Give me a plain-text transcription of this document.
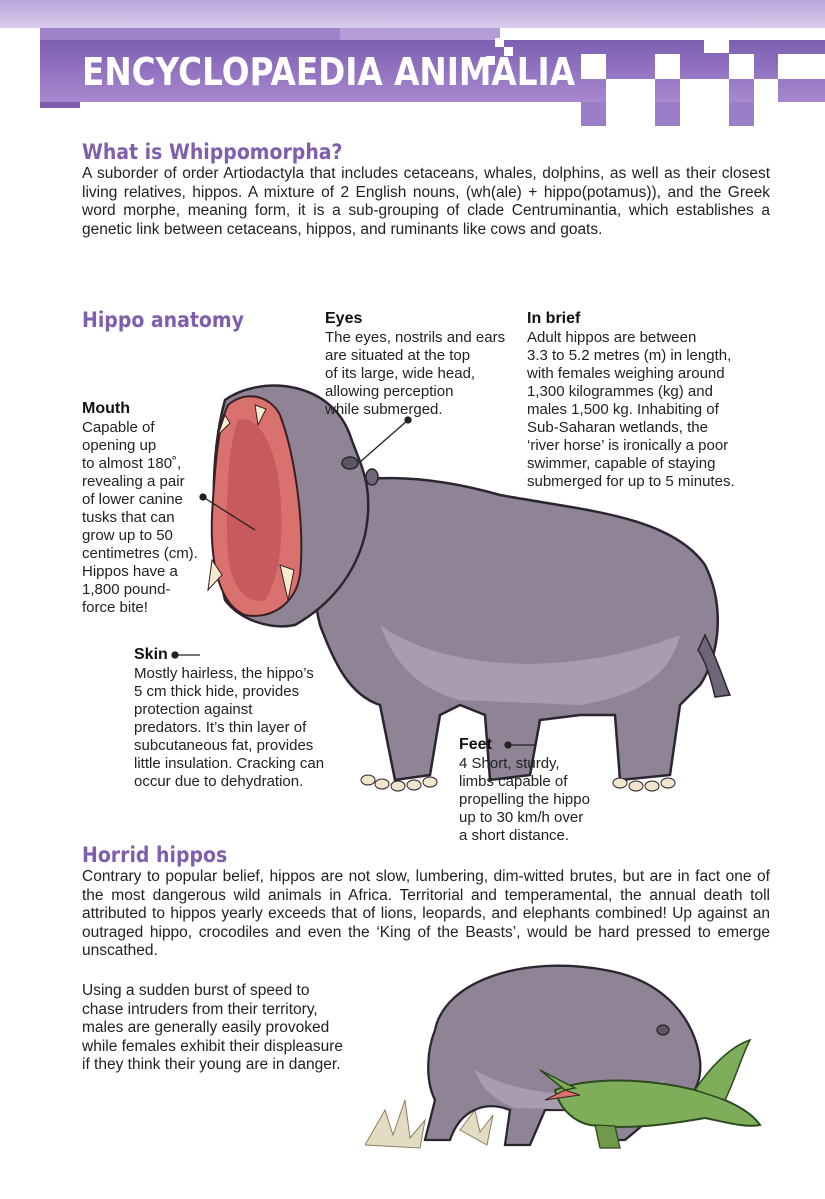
ENCYCLOPAEDIA ANIMALIA
What is Whippomorpha?

A suborder of order Artiodactyla that includes cetaceans, whales, dolphins, as well as their closest living relatives, hippos. A mixture of 2 English nouns, (wh(ale) + hippo(potamus)), and the Greek word morphe, meaning form, it is a sub-grouping of clade Centruminantia, which establishes a genetic link between cetaceans, hippos, and ruminants like cows and goats.

Hippo anatomy	Eyes
The eyes, nostrils and ears
are situated at the top
of its large, wide head,
allowing perception
while submerged.
In brief
Adult hippos are between
3.3 to 5.2 metres (m) in length,
with females weighing around
1,300 kilogrammes (kg) and
males 1,500 kg. Inhabiting of
Sub-Saharan wetlands, the
‘river horse’ is ironically a poor
swimmer, capable of staying
submerged for up to 5 minutes.
Mouth
Capable of
opening up
to almost 180˚,
revealing a pair
of lower canine
tusks that can
grow up to 50
centimetres (cm).
Hippos have a
1,800 pound-
force bite!
Skin
Mostly hairless, the hippo’s
5 cm thick hide, provides
protection against
predators. It’s thin layer of
subcutaneous fat, provides
little insulation. Cracking can
occur due to dehydration.
Feet
4 Short, sturdy,
limbs capable of
propelling the hippo
up to 30 km/h over
a short distance.
Horrid hippos

Contrary to popular belief, hippos are not slow, lumbering, dim-witted brutes, but are in fact one of the most dangerous wild animals in Africa. Territorial and temperamental, the annual death toll attributed to hippos yearly exceeds that of lions, leopards, and elephants combined! Up against an outraged hippo, crocodiles and even the ‘King of the Beasts’, would be hard pressed to emerge unscathed.

Using a sudden burst of speed to
chase intruders from their territory,
males are generally easily provoked
while females exhibit their displeasure
if they think their young are in danger.
